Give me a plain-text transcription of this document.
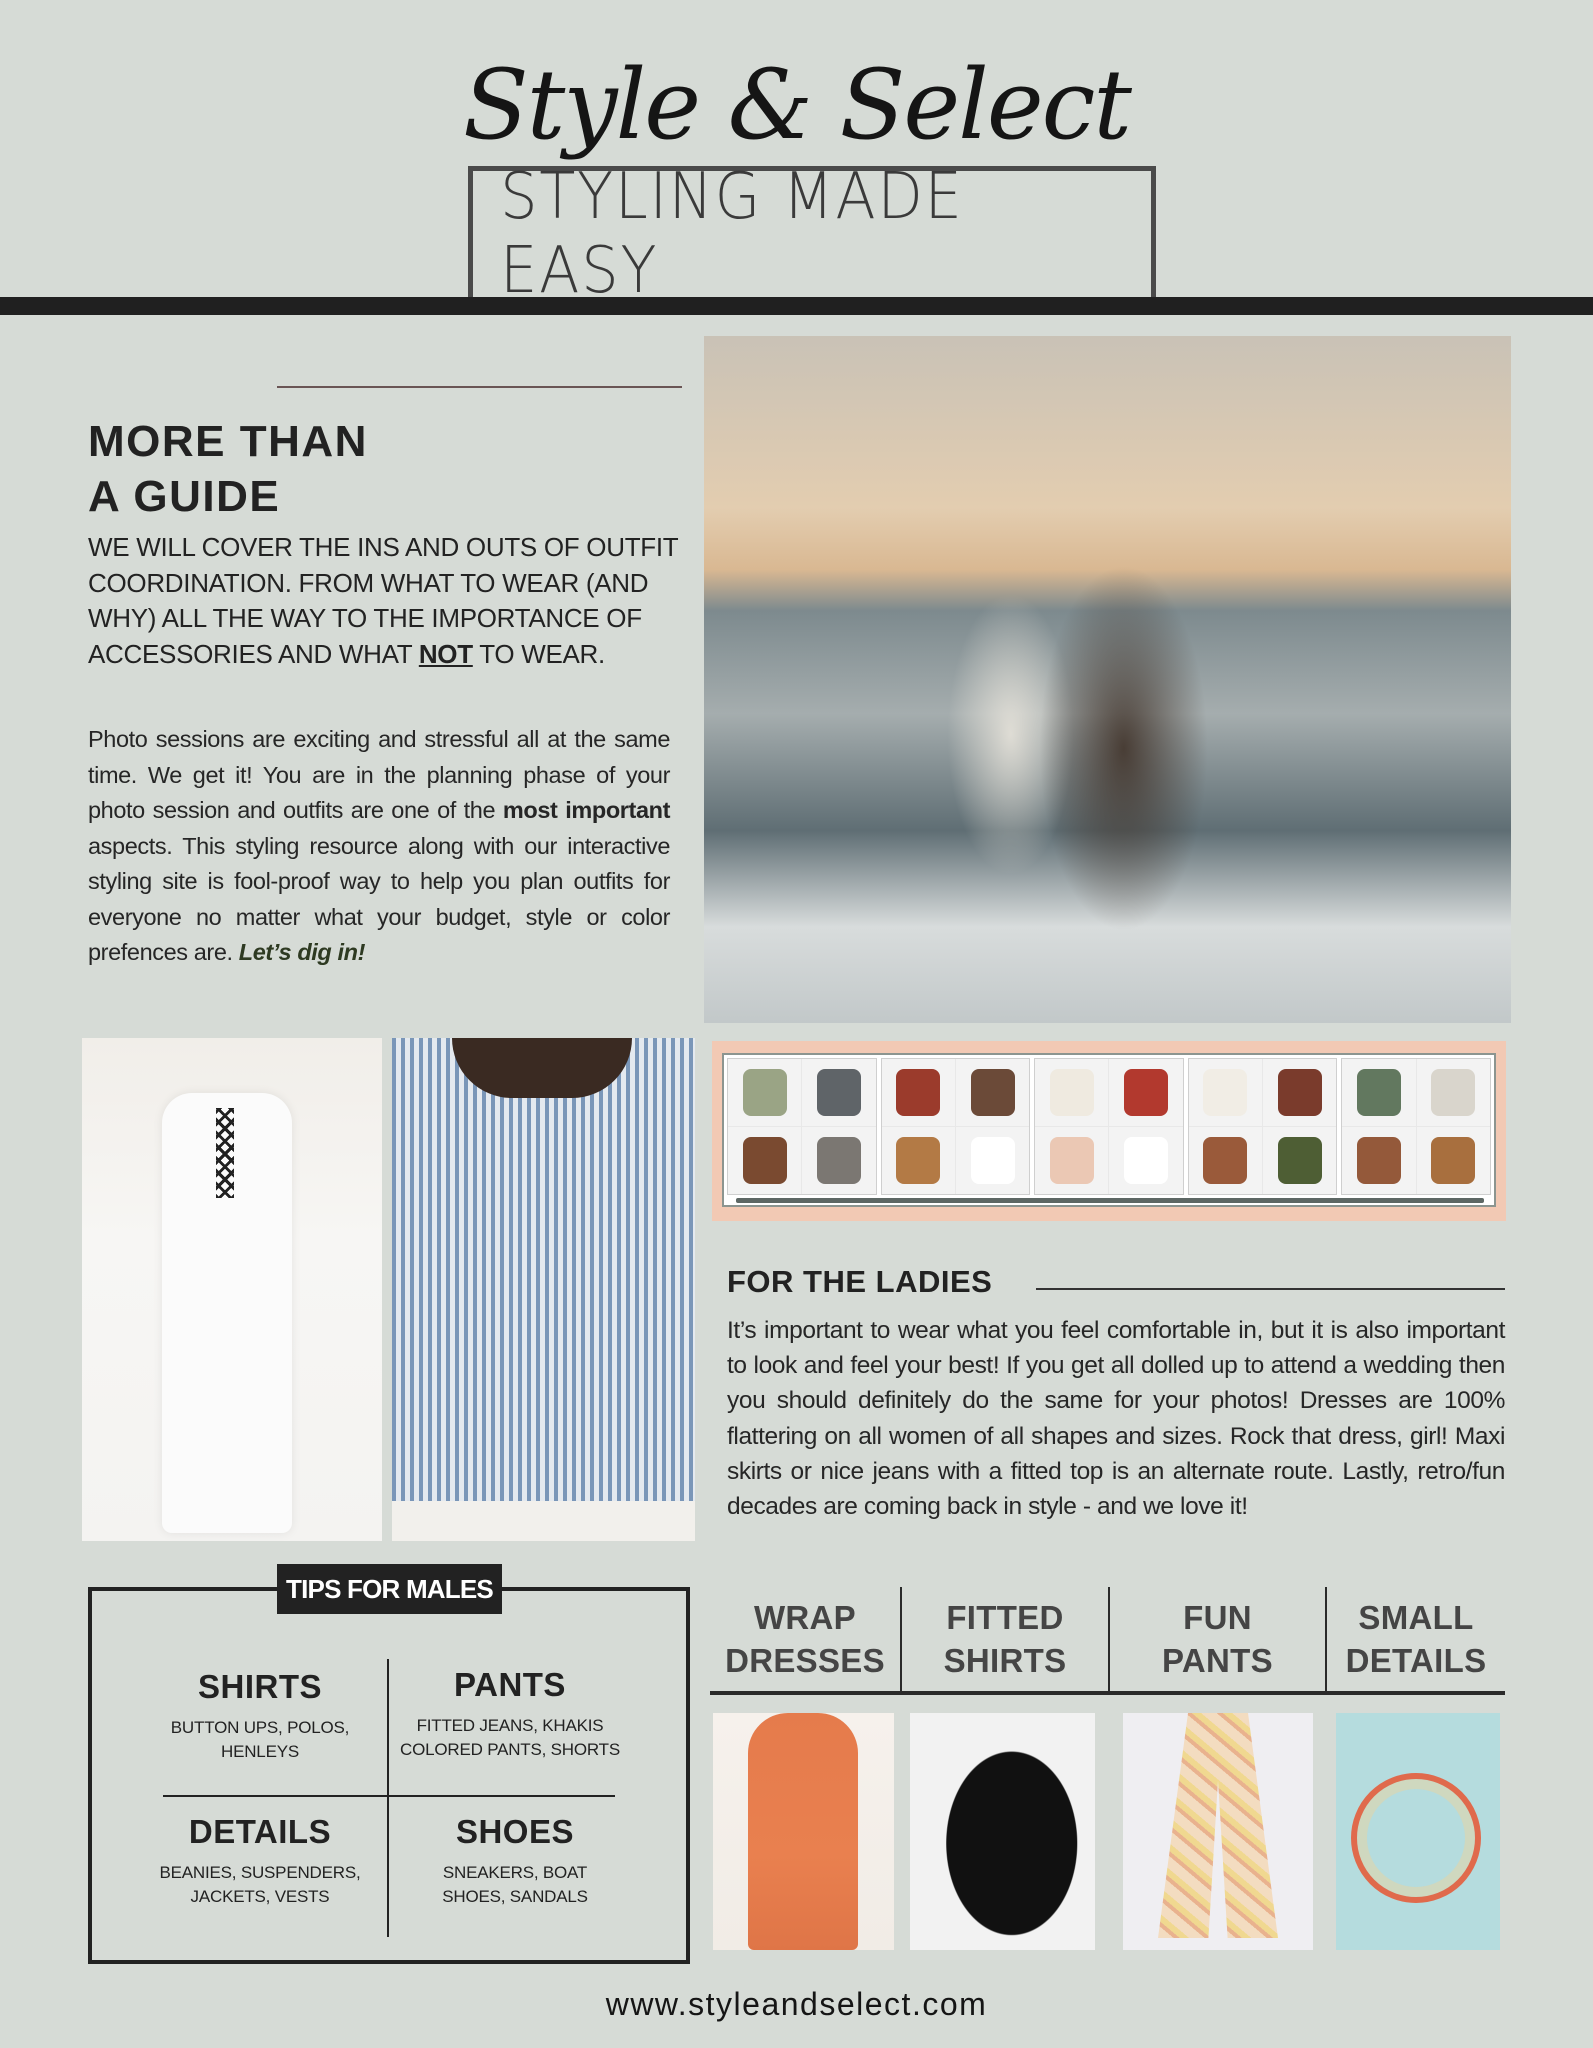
Style & Select
STYLING MADE EASY
MORE THAN
A GUIDE

WE WILL COVER THE INS AND OUTS OF OUTFIT COORDINATION. FROM WHAT TO WEAR (AND WHY) ALL THE WAY TO THE IMPORTANCE OF ACCESSORIES AND WHAT NOT TO WEAR.

Photo sessions are exciting and stressful all at the same time. We get it! You are in the planning phase of your photo session and outfits are one of the most important aspects. This styling resource along with our interactive styling site is fool-proof way to help you plan outfits for everyone no matter what your budget, style or color prefences are. Let’s dig in!

FOR THE LADIES

It’s important to wear what you feel comfortable in, but it is also important to look and feel your best! If you get all dolled up to attend a wedding then you should definitely do the same for your photos! Dresses are 100% flattering on all women of all shapes and sizes. Rock that dress, girl! Maxi skirts or nice jeans with a fitted top is an alternate route. Lastly, retro/fun decades are coming back in style - and we love it!

TIPS FOR MALES
SHIRTS
BUTTON UPS, POLOS,
HENLEYS
PANTS
FITTED JEANS, KHAKIS
COLORED PANTS, SHORTS
DETAILS
BEANIES, SUSPENDERS,
JACKETS, VESTS
SHOES
SNEAKERS, BOAT
SHOES, SANDALS
WRAP
DRESSES
FITTED
SHIRTS
FUN
PANTS
SMALL
DETAILS
www.styleandselect.com
